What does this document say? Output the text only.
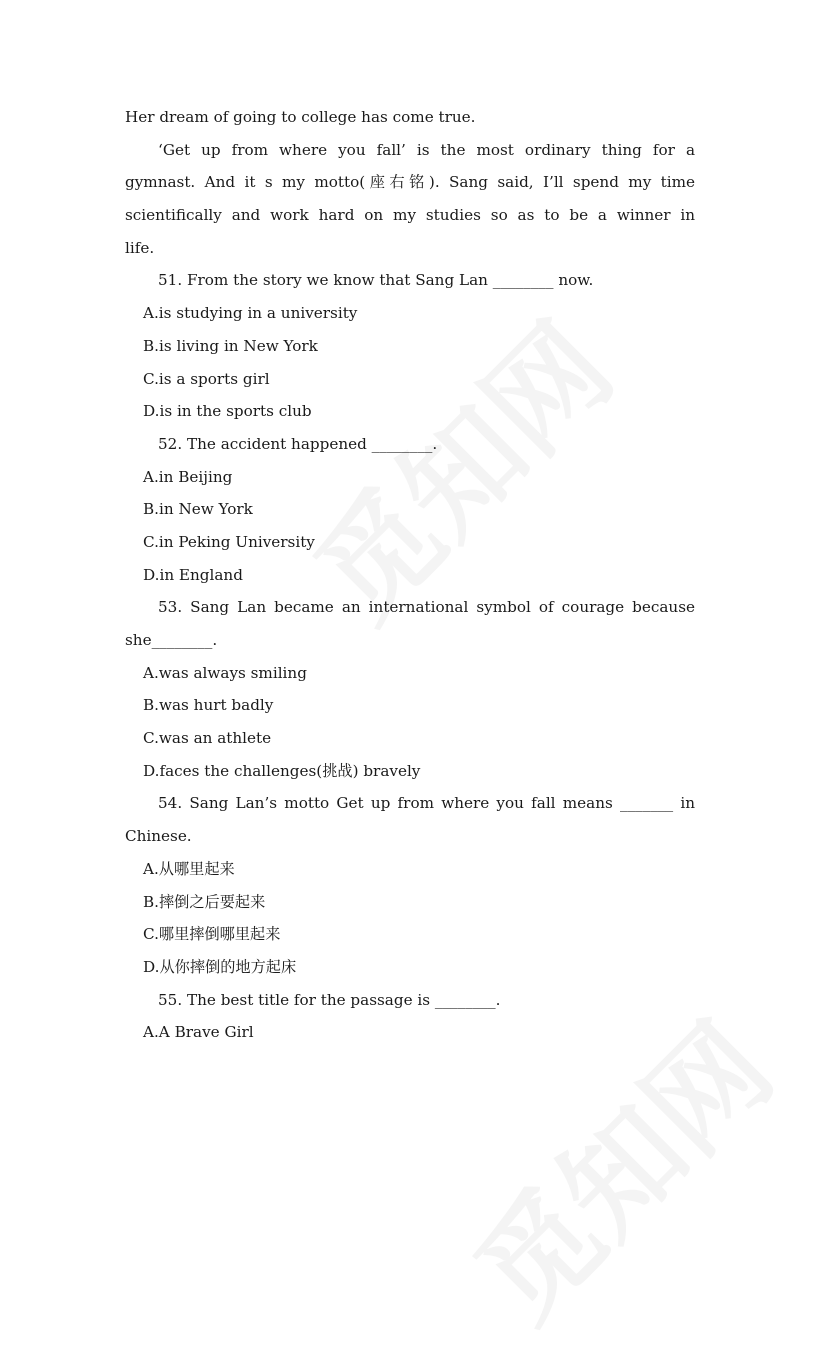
Her dream of going to college has come true.
‘Get up from where you fall’ is the most ordinary thing for a
gymnast. And it s my motto(座右铭). Sang said, I’ll spend my time
scientifically and work hard on my studies so as to be a winner in
life.
51. From the story we know that Sang Lan ________ now.
A.is studying in a university
B.is living in New York
C.is a sports girl
D.is in the sports club
52. The accident happened ________.
A.in Beijing
B.in New York
C.in Peking University
D.in England
53. Sang Lan became an international symbol of courage because
she________.
A.was always smiling
B.was hurt badly
C.was an athlete
D.faces the challenges(挑战) bravely
54. Sang Lan’s motto Get up from where you fall means _______ in
Chinese.
A.从哪里起来
B.摔倒之后要起来
C.哪里摔倒哪里起来
D.从你摔倒的地方起床
55. The best title for the passage is ________.
A.A Brave Girl
